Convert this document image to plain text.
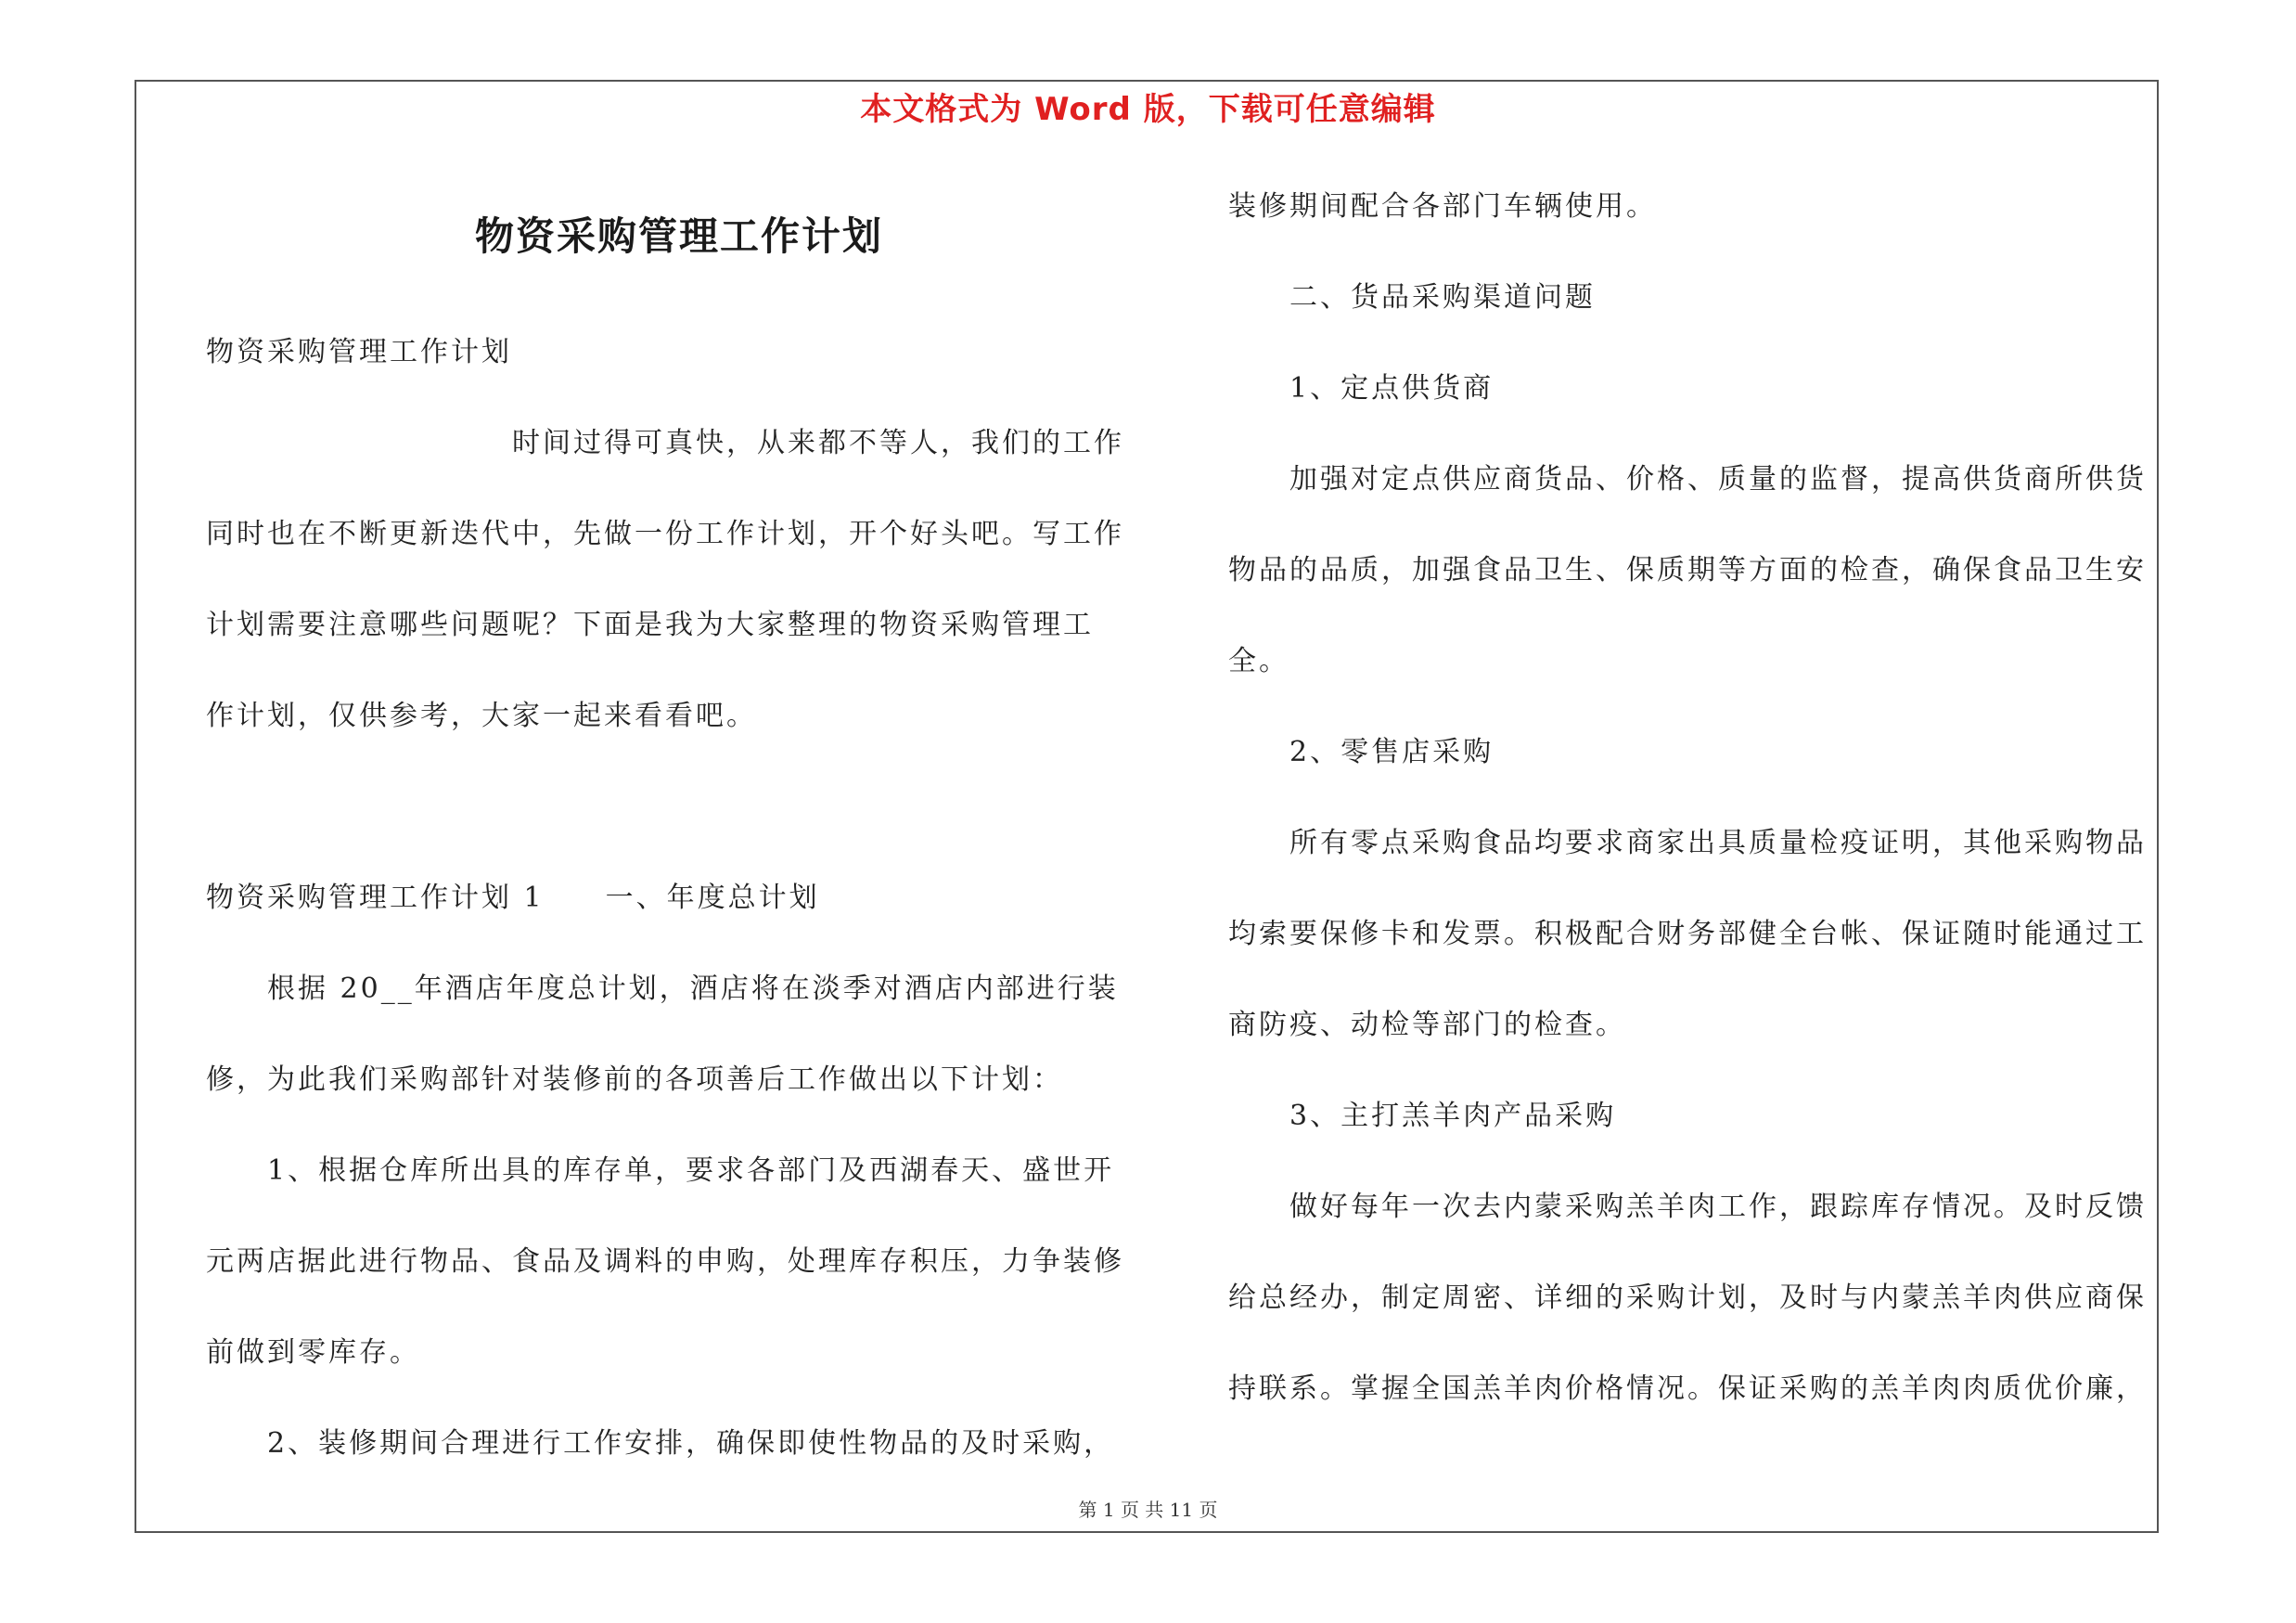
本文格式为 Word 版，下载可任意编辑
物资采购管理工作计划
物资采购管理工作计划
时间过得可真快，从来都不等人，我们的工作
同时也在不断更新迭代中，先做一份工作计划，开个好头吧。写工作
计划需要注意哪些问题呢？下面是我为大家整理的物资采购管理工
作计划，仅供参考，大家一起来看看吧。
物资采购管理工作计划 1　　一、年度总计划
根据 20__年酒店年度总计划，酒店将在淡季对酒店内部进行装
修，为此我们采购部针对装修前的各项善后工作做出以下计划：
1、根据仓库所出具的库存单，要求各部门及西湖春天、盛世开
元两店据此进行物品、食品及调料的申购，处理库存积压，力争装修
前做到零库存。
2、装修期间合理进行工作安排，确保即使性物品的及时采购，
装修期间配合各部门车辆使用。
二、货品采购渠道问题
1、定点供货商
加强对定点供应商货品、价格、质量的监督，提高供货商所供货
物品的品质，加强食品卫生、保质期等方面的检查，确保食品卫生安
全。
2、零售店采购
所有零点采购食品均要求商家出具质量检疫证明，其他采购物品
均索要保修卡和发票。积极配合财务部健全台帐、保证随时能通过工
商防疫、动检等部门的检查。
3、主打羔羊肉产品采购
做好每年一次去内蒙采购羔羊肉工作，跟踪库存情况。及时反馈
给总经办，制定周密、详细的采购计划，及时与内蒙羔羊肉供应商保
持联系。掌握全国羔羊肉价格情况。保证采购的羔羊肉肉质优价廉，
第 1 页 共 11 页
